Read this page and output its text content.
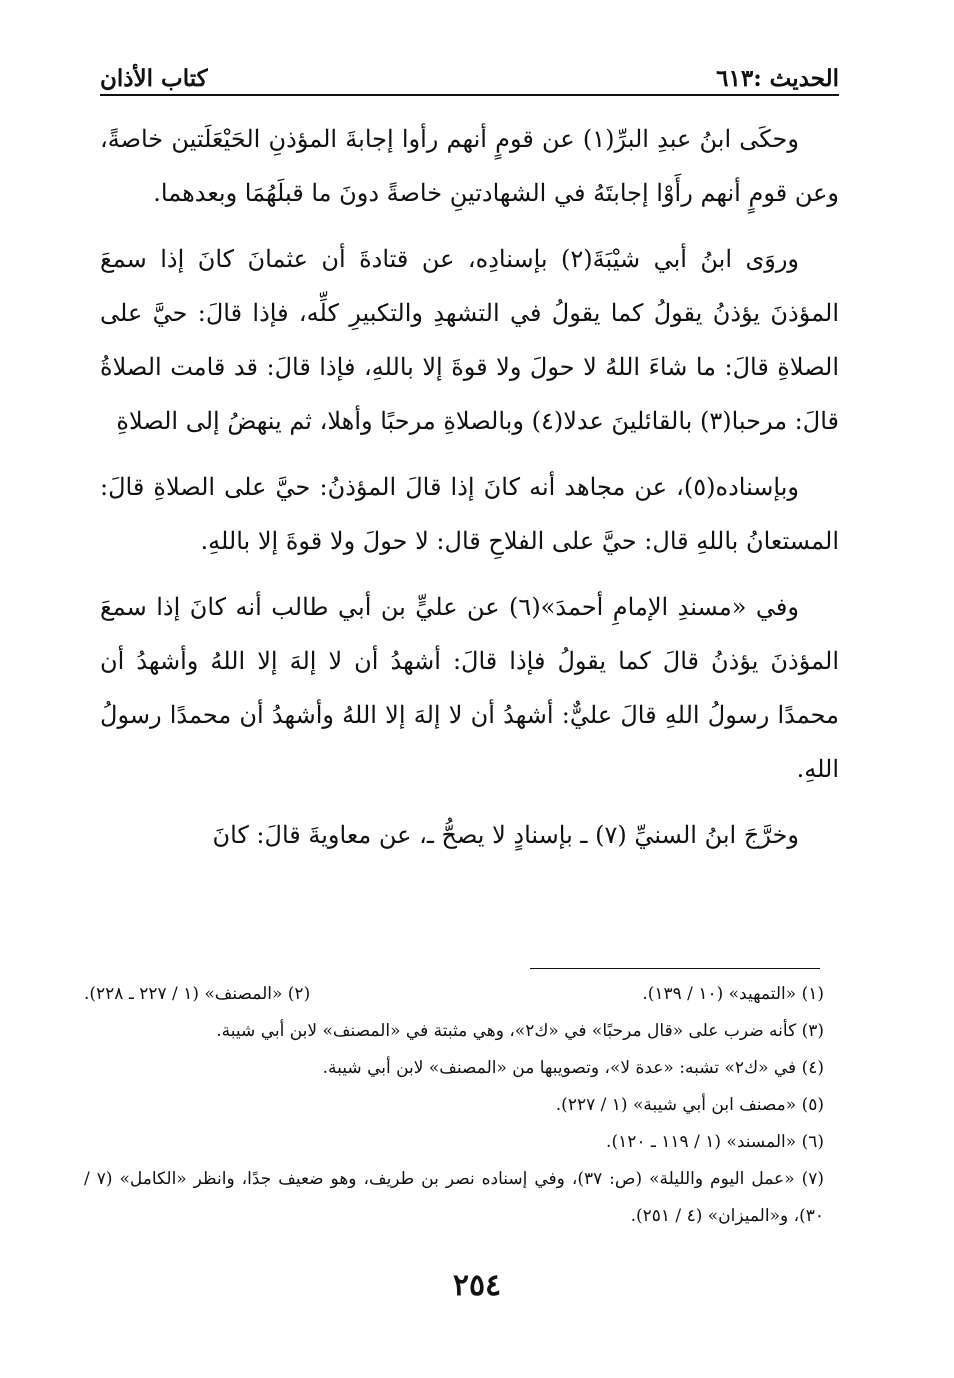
الحديث :٦١٣
كتاب الأذان

وحكَى ابنُ عبدِ البرِّ(١) عن قومٍ أنهم رأوا إجابةَ المؤذنِ الحَيْعَلَتين خاصةً، وعن قومٍ أنهم رأَوْا إجابتَهُ في الشهادتينِ خاصةً دونَ ما قبلَهُمَا وبعدهما.

وروَى ابنُ أبي شيْبَةَ(٢) بإسنادِه، عن قتادةَ أن عثمانَ كانَ إذا سمعَ المؤذنَ يؤذنُ يقولُ كما يقولُ في التشهدِ والتكبيرِ كلِّه، فإذا قالَ: حيَّ على الصلاةِ قالَ: ما شاءَ اللهُ لا حولَ ولا قوةَ إلا باللهِ، فإذا قالَ: قد قامت الصلاةُ قالَ: مرحبا(٣) بالقائلينَ عدلا(٤) وبالصلاةِ مرحبًا وأهلا، ثم ينهضُ إلى الصلاةِ

وبإسناده(٥)، عن مجاهد أنه كانَ إذا قالَ المؤذنُ: حيَّ على الصلاةِ قالَ: المستعانُ باللهِ قال: حيَّ على الفلاحِ قال: لا حولَ ولا قوةَ إلا باللهِ.

وفي «مسندِ الإمامِ أحمدَ»(٦) عن عليٍّ بن أبي طالب أنه كانَ إذا سمعَ المؤذنَ يؤذنُ قالَ كما يقولُ فإذا قالَ: أشهدُ أن لا إلهَ إلا اللهُ وأشهدُ أن محمدًا رسولُ اللهِ قالَ عليٌّ: أشهدُ أن لا إلهَ إلا اللهُ وأشهدُ أن محمدًا رسولُ اللهِ.

وخرَّجَ ابنُ السنيِّ (٧) ـ بإسنادٍ لا يصحُّ ـ، عن معاويةَ قالَ: كانَ

(١) «التمهيد» (١٠ / ١٣٩).
(٢) «المصنف» (١ / ٢٢٧ ـ ٢٢٨).
(٣) كأنه ضرب على «قال مرحبًا» في «ك٢»، وهي مثبتة في «المصنف» لابن أبي شيبة.
(٤) في «ك٢» تشبه: «عدة لا»، وتصويبها من «المصنف» لابن أبي شيبة.
(٥) «مصنف ابن أبي شيبة» (١ / ٢٢٧).
(٦) «المسند» (١ / ١١٩ ـ ١٢٠).
(٧) «عمل اليوم والليلة» (ص: ٣٧)، وفي إسناده نصر بن طريف، وهو ضعيف جدًا، وانظر «الكامل» (٧ / ٣٠)، و«الميزان» (٤ / ٢٥١).
٢٥٤
